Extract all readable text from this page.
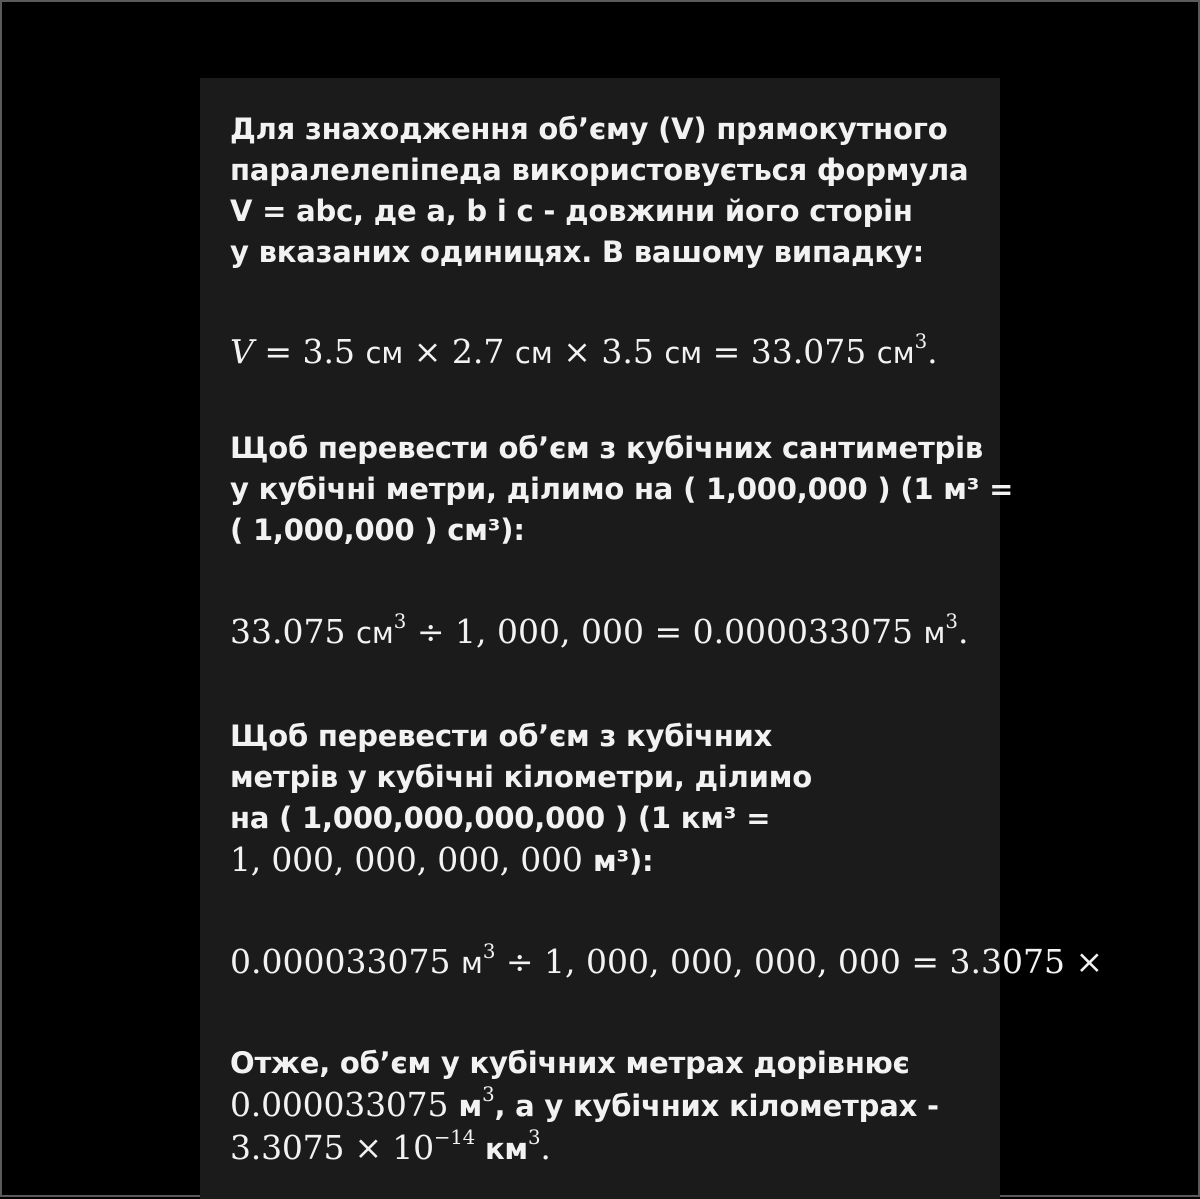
Для знаходження об’єму (V) прямокутного
паралелепіпеда використовується формула
V = abc, де a, b і c - довжини його сторін
у вказаних одиницях. В вашому випадку:
V = 3.5 см × 2.7 см × 3.5 см = 33.075 $см^3$.
Щоб перевести об’єм з кубічних сантиметрів
у кубічні метри, ділимо на ( 1,000,000 ) (1 м³ =
( 1,000,000 ) см³):
33.075 $см^3 \div 1$, 000, 000 = 0.000033075 $м^3$.
Щоб перевести об’єм з кубічних
метрів у кубічні кілометри, ділимо
на ( 1,000,000,000,000 ) (1 км³ =
1, 000, 000, 000, 000 м³):
0.000033075 $м^3 \div 1$, 000, 000, 000, 000 = 3.3075 ×
Отже, об’єм у кубічних метрах дорівнює
0.000033075 $м^3$, а у кубічних кілометрах -
$3.3075 \times 10^{-14}$ $км^3$.
